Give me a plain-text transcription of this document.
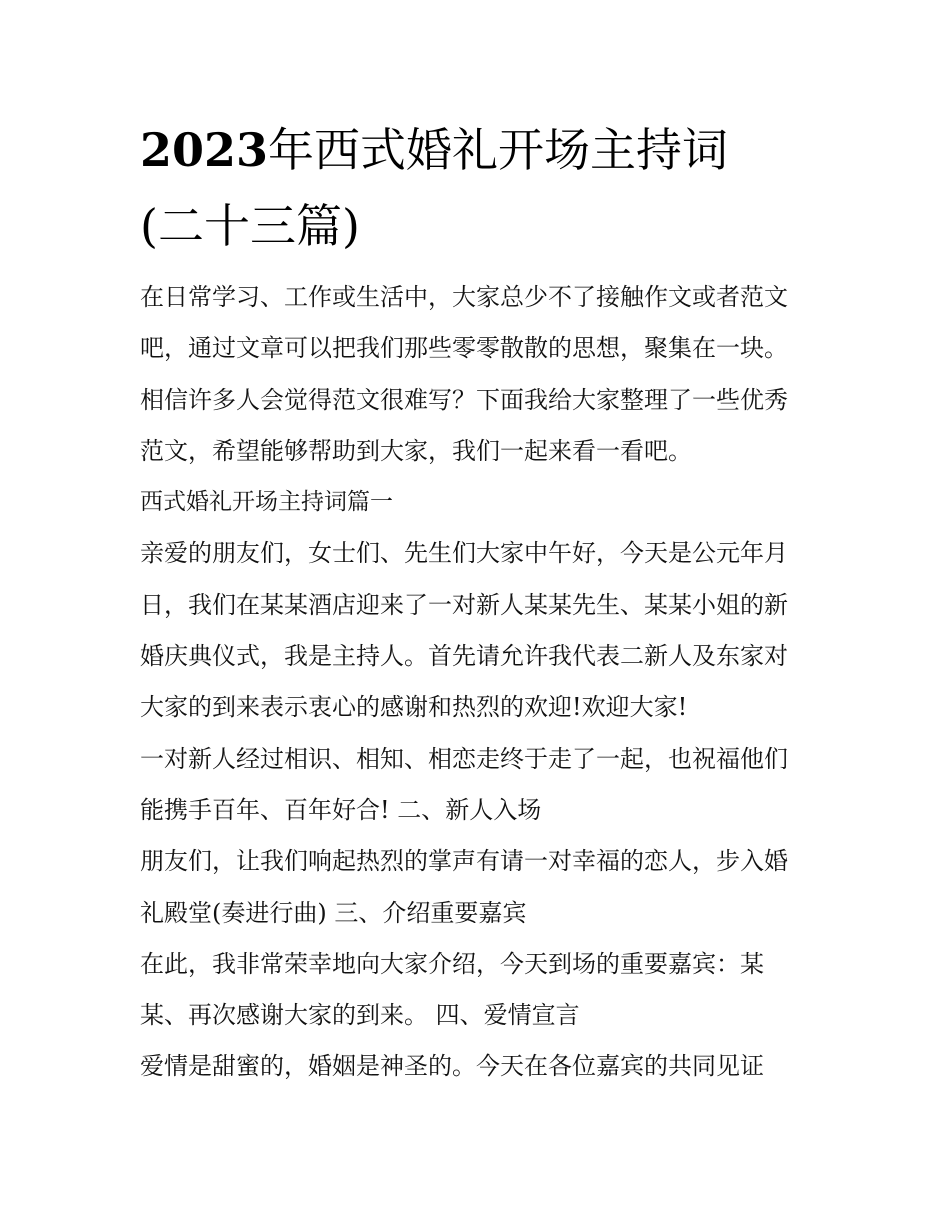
2023年西式婚礼开场主持词
(二十三篇)
在日常学习、工作或生活中，大家总少不了接触作文或者范文
吧，通过文章可以把我们那些零零散散的思想，聚集在一块。
相信许多人会觉得范文很难写？下面我给大家整理了一些优秀
范文，希望能够帮助到大家，我们一起来看一看吧。
西式婚礼开场主持词篇一
亲爱的朋友们，女士们、先生们大家中午好，今天是公元年月
日，我们在某某酒店迎来了一对新人某某先生、某某小姐的新
婚庆典仪式，我是主持人。首先请允许我代表二新人及东家对
大家的到来表示衷心的感谢和热烈的欢迎!欢迎大家!
一对新人经过相识、相知、相恋走终于走了一起，也祝福他们
能携手百年、百年好合! 二、新人入场
朋友们，让我们响起热烈的掌声有请一对幸福的恋人，步入婚
礼殿堂(奏进行曲) 三、介绍重要嘉宾
在此，我非常荣幸地向大家介绍，今天到场的重要嘉宾：某
某、再次感谢大家的到来。 四、爱情宣言
爱情是甜蜜的，婚姻是神圣的。今天在各位嘉宾的共同见证
